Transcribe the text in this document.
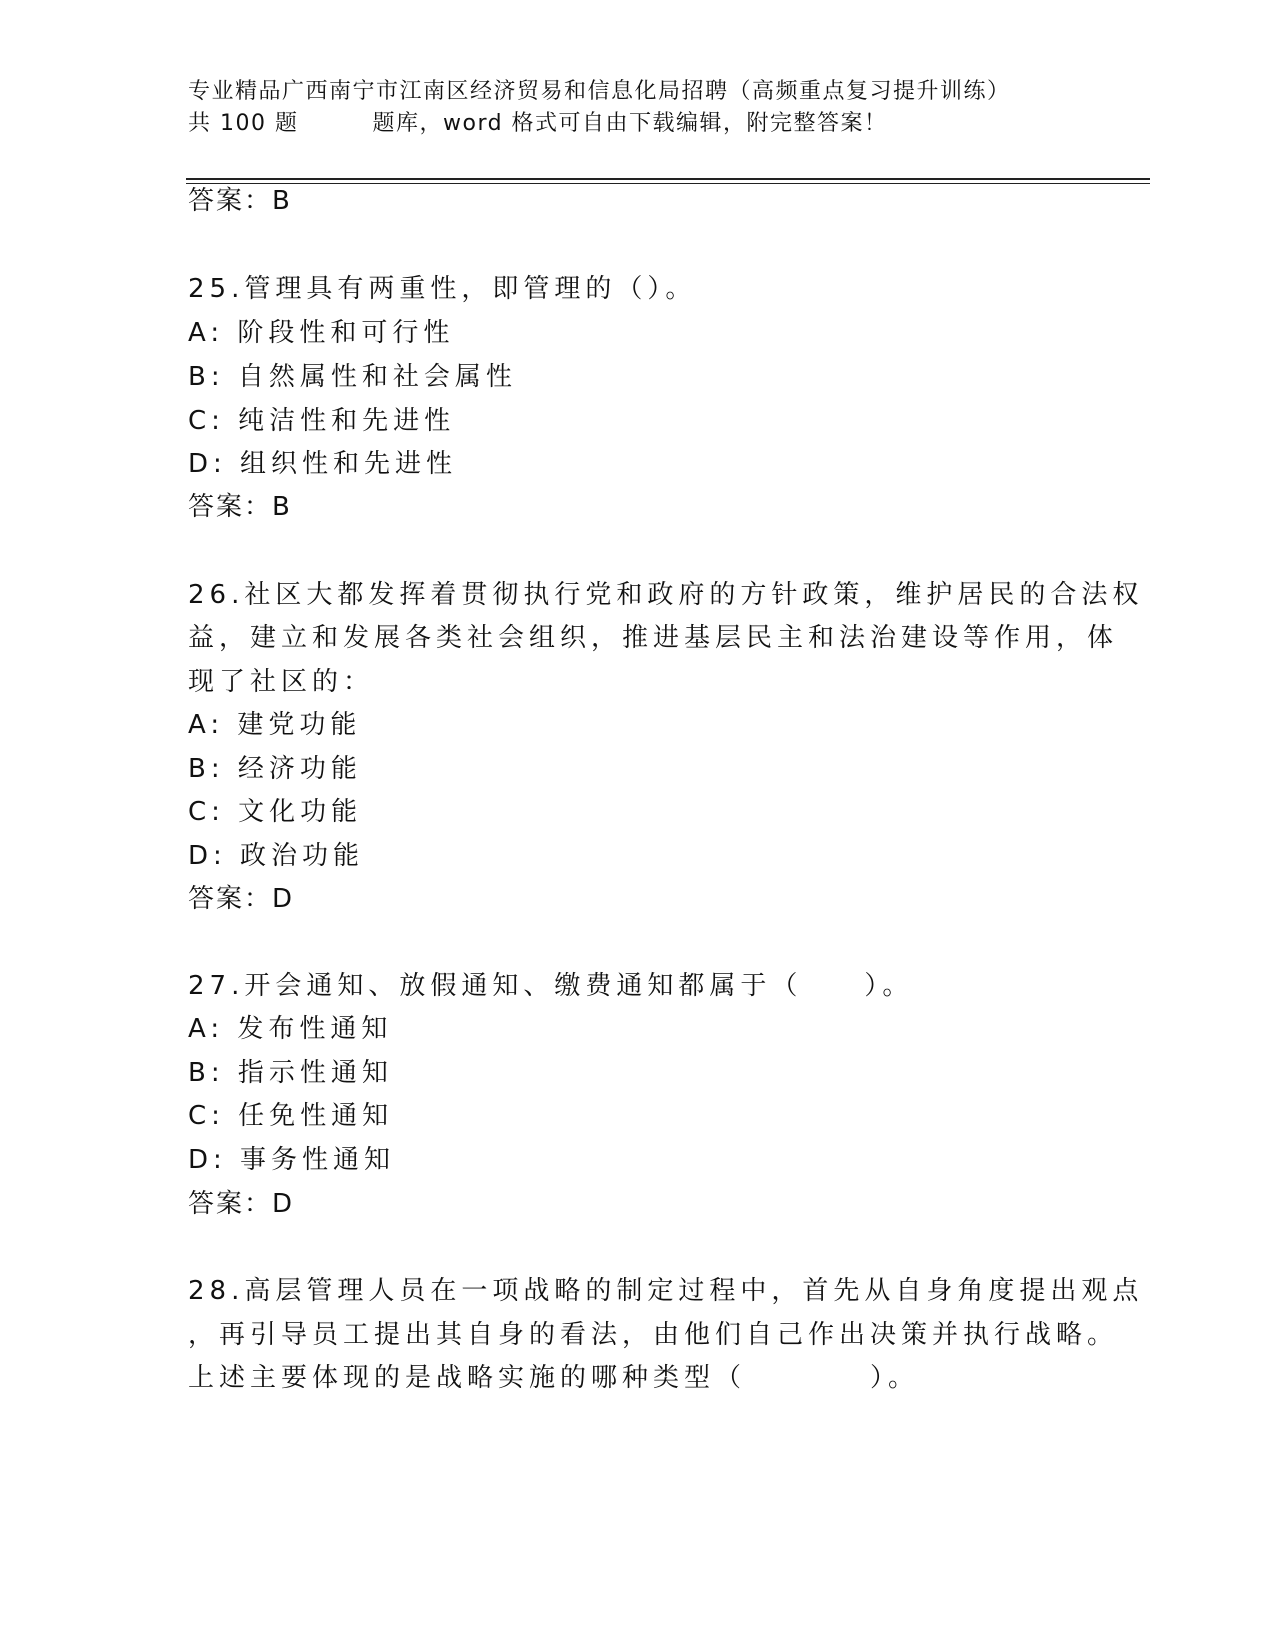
专业精品广西南宁市江南区经济贸易和信息化局招聘（高频重点复习提升训练）
共 100 题	题库，word 格式可自由下载编辑，附完整答案！
答案：B
25.管理具有两重性，即管理的（）。
A: 阶段性和可行性
B: 自然属性和社会属性
C: 纯洁性和先进性
D: 组织性和先进性
答案：B
26.社区大都发挥着贯彻执行党和政府的方针政策，维护居民的合法权
益，建立和发展各类社会组织，推进基层民主和法治建设等作用，体
现了社区的：
A: 建党功能
B: 经济功能
C: 文化功能
D: 政治功能
答案：D
27.开会通知、放假通知、缴费通知都属于（　　）。
A: 发布性通知
B: 指示性通知
C: 任免性通知
D: 事务性通知
答案：D
28.高层管理人员在一项战略的制定过程中，首先从自身角度提出观点
，再引导员工提出其自身的看法，由他们自己作出决策并执行战略。
上述主要体现的是战略实施的哪种类型（　　　　）。
